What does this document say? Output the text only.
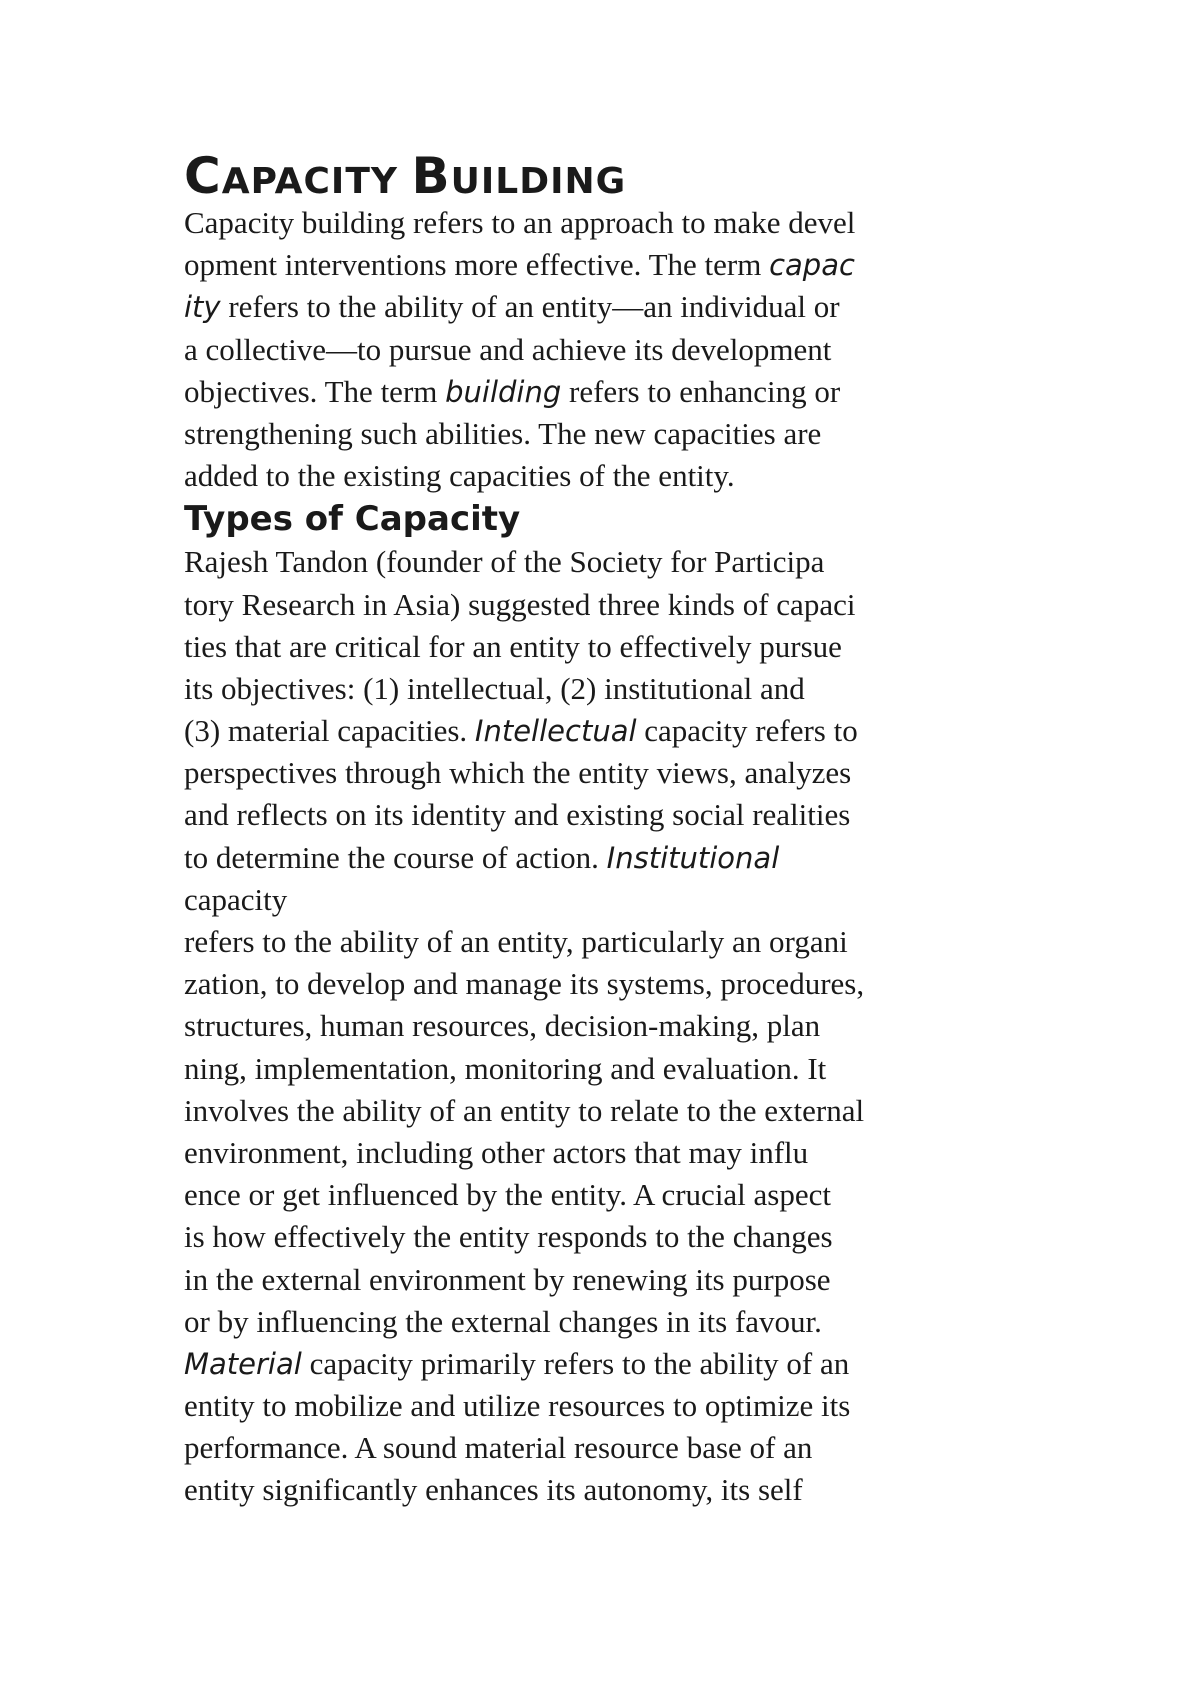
CAPACITY BUILDING
Capacity building refers to an approach to make devel
opment interventions more effective. The term capac
ity refers to the ability of an entity—an individual or
a collective—to pursue and achieve its development
objectives. The term building refers to enhancing or
strengthening such abilities. The new capacities are
added to the existing capacities of the entity.
Types of Capacity
Rajesh Tandon (founder of the Society for Participa
tory Research in Asia) suggested three kinds of capaci
ties that are critical for an entity to effectively pursue
its objectives: (1) intellectual, (2) institutional and
(3) material capacities. Intellectual capacity refers to
perspectives through which the entity views, analyzes
and reflects on its identity and existing social realities
to determine the course of action. Institutional
capacity
refers to the ability of an entity, particularly an organi
zation, to develop and manage its systems, procedures,
structures, human resources, decision-making, plan
ning, implementation, monitoring and evaluation. It
involves the ability of an entity to relate to the external
environment, including other actors that may influ
ence or get influenced by the entity. A crucial aspect
is how effectively the entity responds to the changes
in the external environment by renewing its purpose
or by influencing the external changes in its favour.
Material capacity primarily refers to the ability of an
entity to mobilize and utilize resources to optimize its
performance. A sound material resource base of an
entity significantly enhances its autonomy, its self
